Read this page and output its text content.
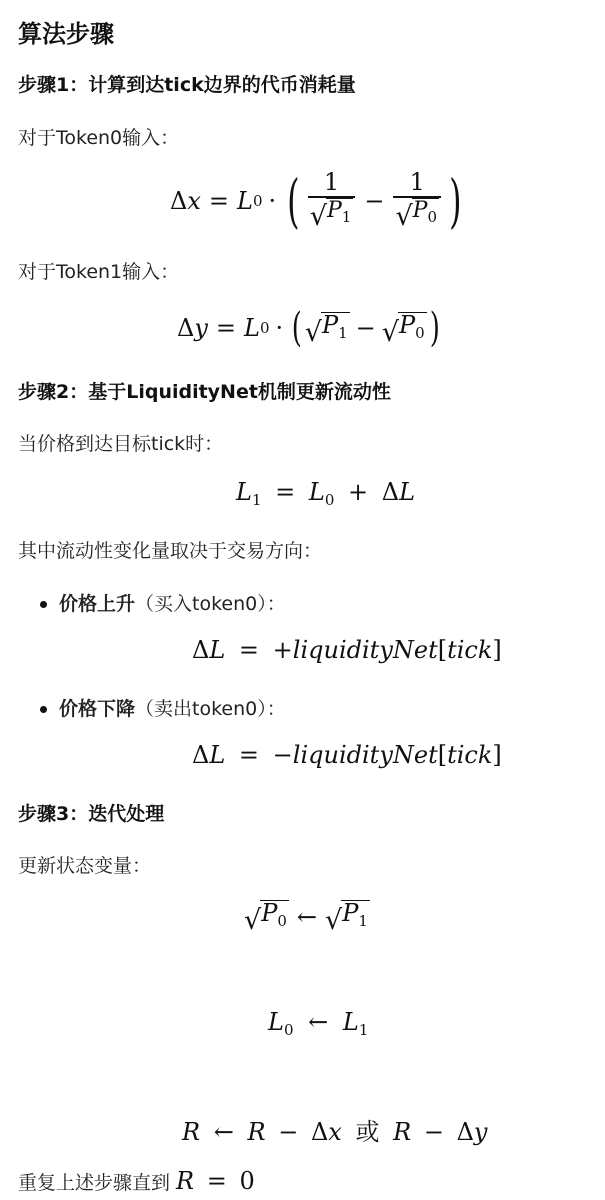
算法步骤
步骤1：计算到达tick边界的代币消耗量
对于Token0输入：
Δ x = L 0 · ( $\frac{1}{√ P_1} - \frac{1}{√ P_0}$ )
对于Token1输入：
Δ y = L 0 · ( √ $P_1$ − √ $P_0$ )
步骤2：基于LiquidityNet机制更新流动性
当价格到达目标tick时：
$L_1 = L_0 + \Delta L$
其中流动性变化量取决于交易方向：
价格上升（买入token0）：
ΔL = +liquidityNet[tick]
价格下降（卖出token0）：
ΔL = −liquidityNet[tick]
步骤3：迭代处理
更新状态变量：
√ $P_0$ ← √ $P_1$
$L_0$ ← $L_1$
R ← R − Δx 或 R − Δy
重复上述步骤直到 R = 0
